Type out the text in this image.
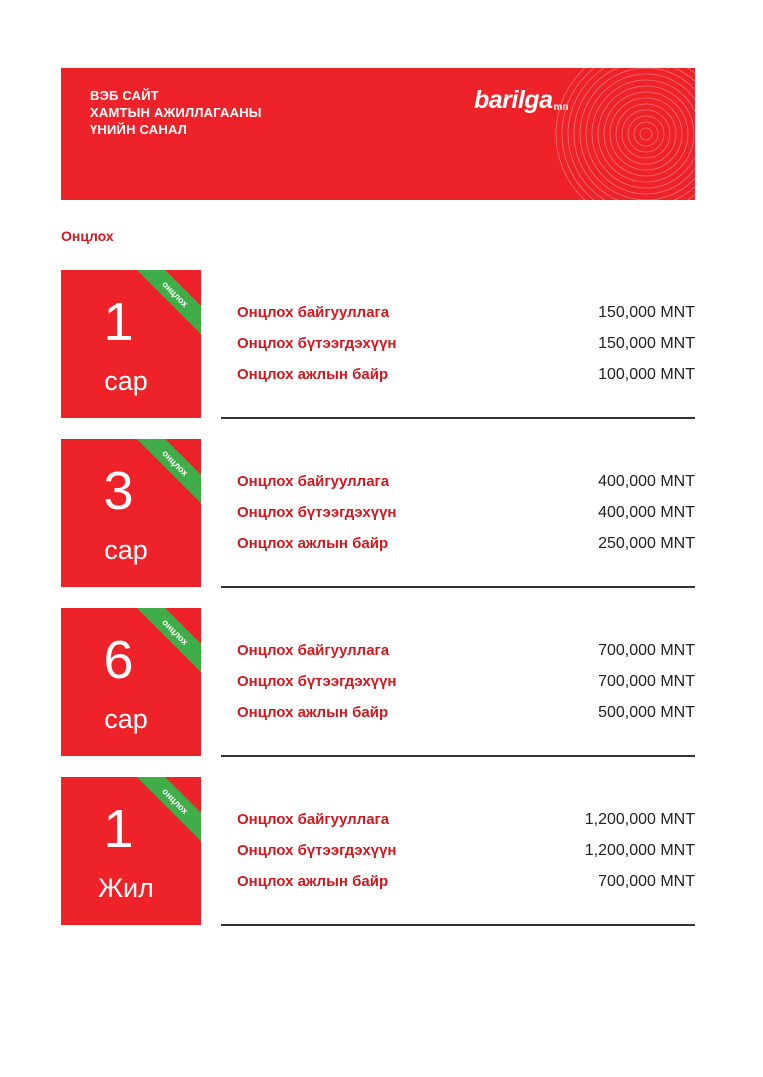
ВЭБ САЙТ
ХАМТЫН АЖИЛЛАГААНЫ
ҮНИЙН САНАЛ
barilgamn
Онцлох
онцлох
1
сар
Онцлох байгууллага	150,000 MNT
Онцлох бүтээгдэхүүн	150,000 MNT
Онцлох ажлын байр	100,000 MNT
онцлох
3
сар
Онцлох байгууллага	400,000 MNT
Онцлох бүтээгдэхүүн	400,000 MNT
Онцлох ажлын байр	250,000 MNT
онцлох
6
сар
Онцлох байгууллага	700,000 MNT
Онцлох бүтээгдэхүүн	700,000 MNT
Онцлох ажлын байр	500,000 MNT
онцлох
1
Жил
Онцлох байгууллага	1,200,000 MNT
Онцлох бүтээгдэхүүн	1,200,000 MNT
Онцлох ажлын байр	700,000 MNT
